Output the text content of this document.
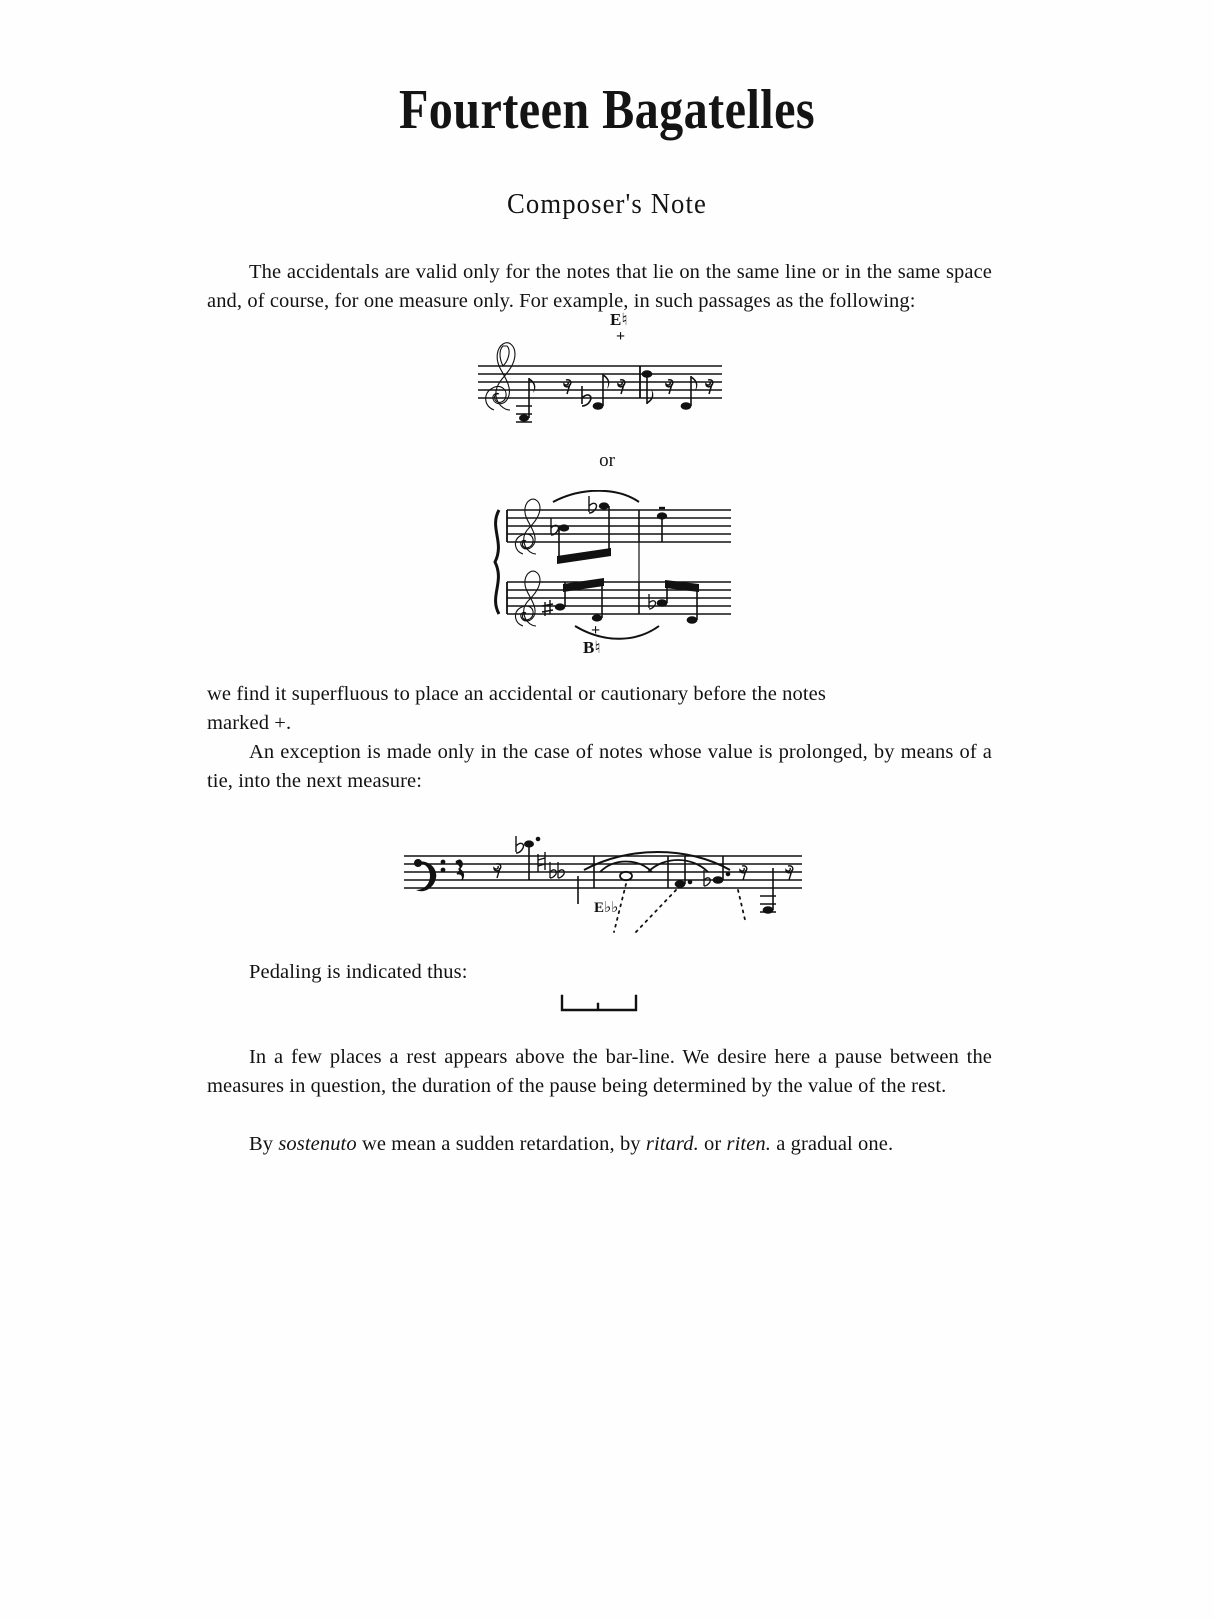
Fourteen Bagatelles
Composer's Note
The accidentals are valid only for the notes that lie on the same line or in the same space and, of course, for one measure only. For example, in such passages as the following:
E♮
+
or
+
B♮
we find it superfluous to place an accidental or cautionary before the notes
marked +.
An exception is made only in the case of notes whose value is prolonged, by means of a tie, into the next measure:
E♭♭
Pedaling is indicated thus:
In a few places a rest appears above the bar-line. We desire here a pause between the measures in question, the duration of the pause being determined by the value of the rest.
By sostenuto we mean a sudden retardation, by ritard. or riten. a gradual one.
